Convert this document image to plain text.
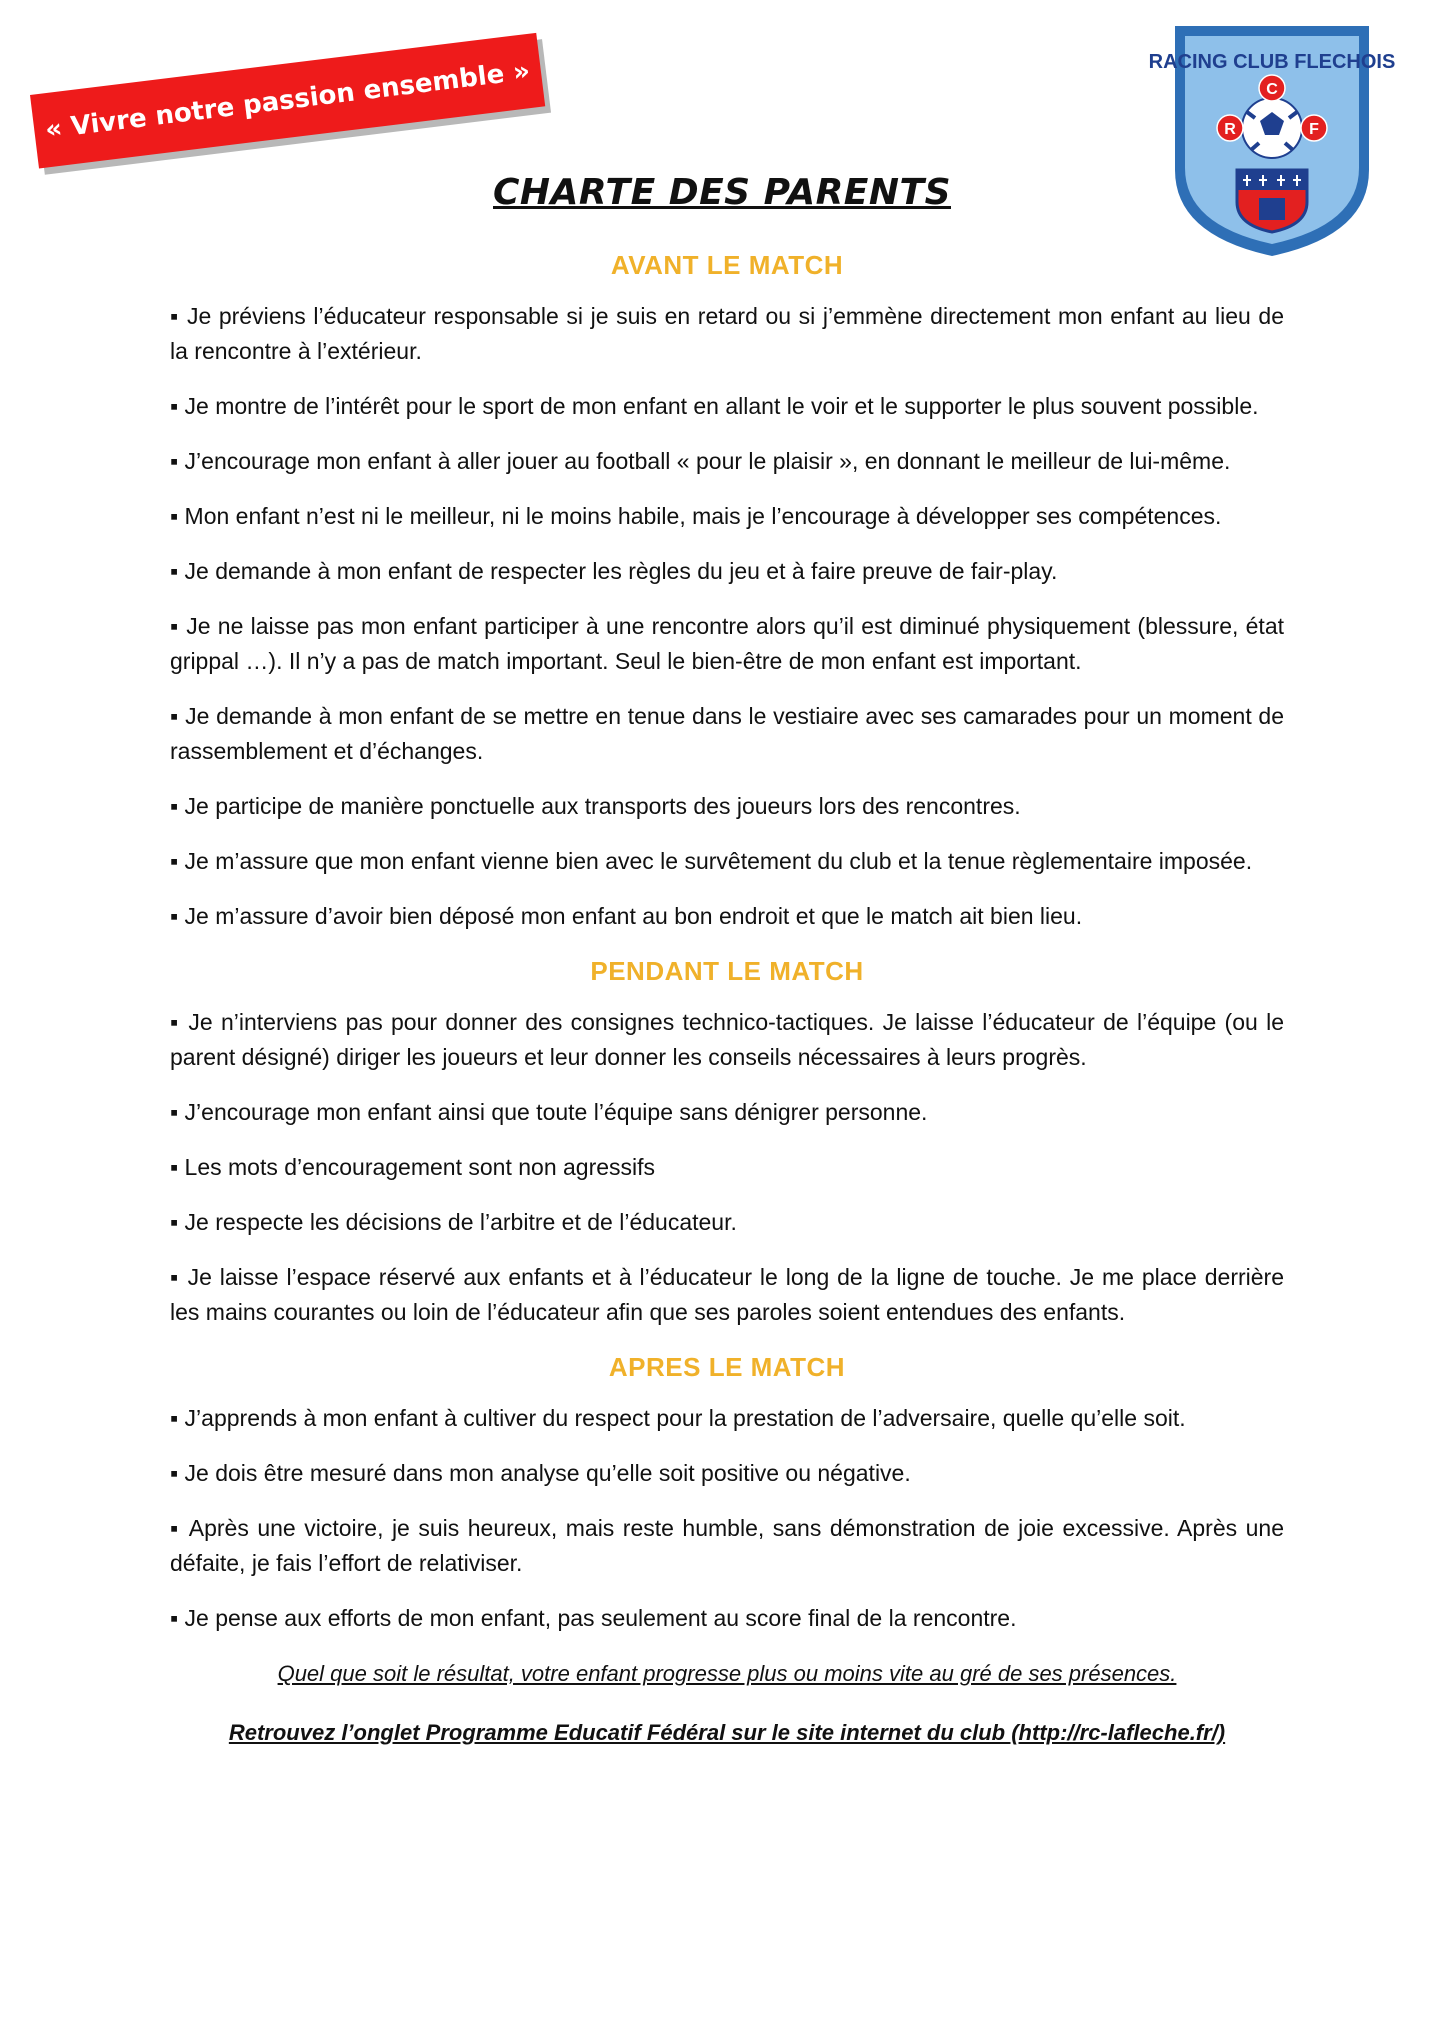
« Vivre notre passion ensemble »	RACING CLUB FLECHOIS
R
C
F
CHARTE DES PARENTS
AVANT LE MATCH

▪ Je préviens l’éducateur responsable si je suis en retard ou si j’emmène directement mon enfant au lieu de la rencontre à l’extérieur.

▪ Je montre de l’intérêt pour le sport de mon enfant en allant le voir et le supporter le plus souvent possible.

▪ J’encourage mon enfant à aller jouer au football « pour le plaisir », en donnant le meilleur de lui-même.

▪ Mon enfant n’est ni le meilleur, ni le moins habile, mais je l’encourage à développer ses compétences.

▪ Je demande à mon enfant de respecter les règles du jeu et à faire preuve de fair-play.

▪ Je ne laisse pas mon enfant participer à une rencontre alors qu’il est diminué physiquement (blessure, état grippal …). Il n’y a pas de match important. Seul le bien-être de mon enfant est important.

▪ Je demande à mon enfant de se mettre en tenue dans le vestiaire avec ses camarades pour un moment de rassemblement et d’échanges.

▪ Je participe de manière ponctuelle aux transports des joueurs lors des rencontres.

▪ Je m’assure que mon enfant vienne bien avec le survêtement du club et la tenue règlementaire imposée.

▪ Je m’assure d’avoir bien déposé mon enfant au bon endroit et que le match ait bien lieu.

PENDANT LE MATCH

▪ Je n’interviens pas pour donner des consignes technico-tactiques. Je laisse l’éducateur de l’équipe (ou le parent désigné) diriger les joueurs et leur donner les conseils nécessaires à leurs progrès.

▪ J’encourage mon enfant ainsi que toute l’équipe sans dénigrer personne.

▪ Les mots d’encouragement sont non agressifs

▪ Je respecte les décisions de l’arbitre et de l’éducateur.

▪ Je laisse l’espace réservé aux enfants et à l’éducateur le long de la ligne de touche. Je me place derrière les mains courantes ou loin de l’éducateur afin que ses paroles soient entendues des enfants.

APRES LE MATCH

▪ J’apprends à mon enfant à cultiver du respect pour la prestation de l’adversaire, quelle qu’elle soit.

▪ Je dois être mesuré dans mon analyse qu’elle soit positive ou négative.

▪ Après une victoire, je suis heureux, mais reste humble, sans démonstration de joie excessive. Après une défaite, je fais l’effort de relativiser.

▪ Je pense aux efforts de mon enfant, pas seulement au score final de la rencontre.

Quel que soit le résultat, votre enfant progresse plus ou moins vite au gré de ses présences.

Retrouvez l’onglet Programme Educatif Fédéral sur le site internet du club (http://rc-lafleche.fr/)
